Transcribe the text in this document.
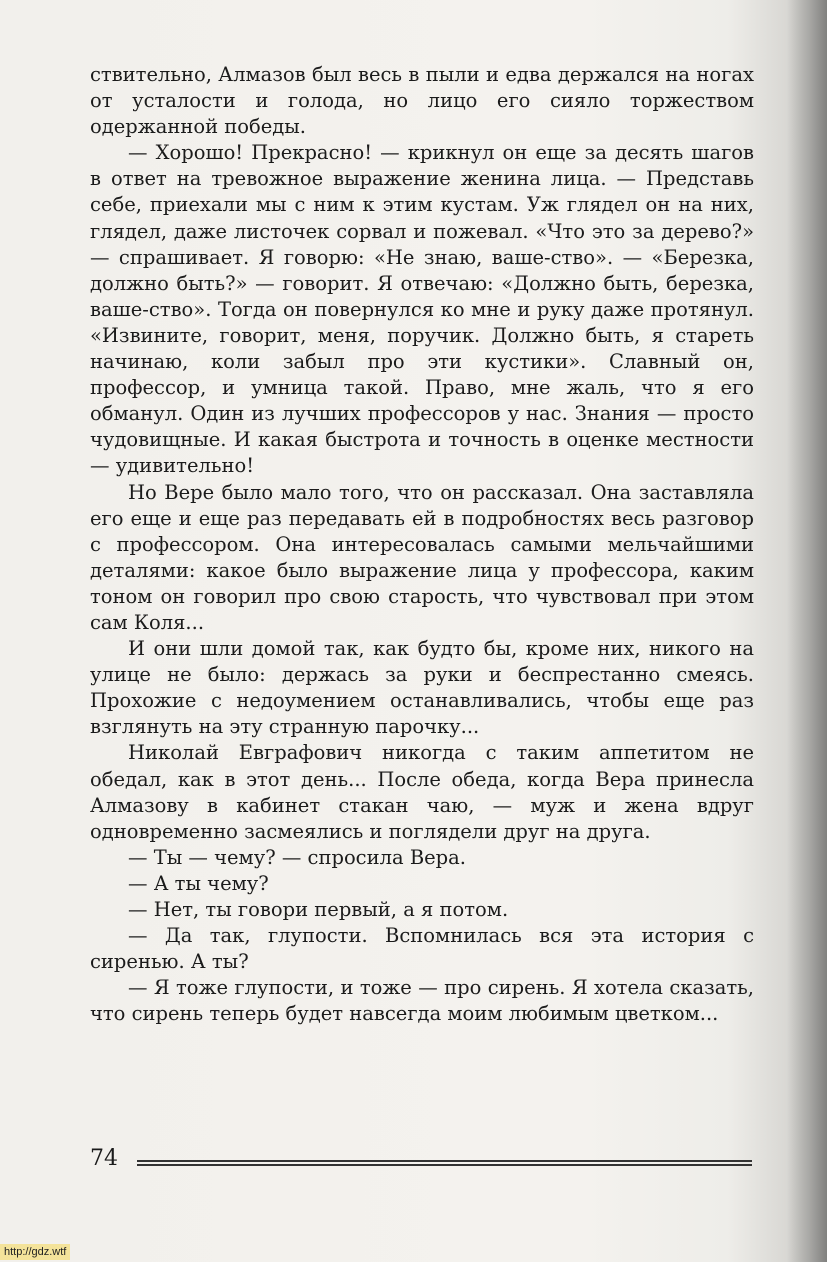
ствительно, Алмазов был весь в пыли и едва держался на ногах от усталости и голода, но лицо его сияло торжеством одержанной победы.

— Хорошо! Прекрасно! — крикнул он еще за десять шагов в ответ на тревожное выражение женина лица. — Представь себе, приехали мы с ним к этим кустам. Уж глядел он на них, глядел, даже листочек сорвал и пожевал. «Что это за дерево?» — спрашивает. Я говорю: «Не знаю, ваше-ство». — «Березка, должно быть?» — говорит. Я отвечаю: «Должно быть, березка, ваше-ство». Тогда он повернулся ко мне и руку даже протянул. «Извините, говорит, меня, поручик. Должно быть, я стареть начинаю, коли забыл про эти кустики». Славный он, профессор, и умница такой. Право, мне жаль, что я его обманул. Один из лучших профессоров у нас. Знания — просто чудовищные. И какая быстрота и точность в оценке местности — удивительно!

Но Вере было мало того, что он рассказал. Она заставляла его еще и еще раз передавать ей в подробностях весь разговор с профессором. Она интересовалась самыми мельчайшими деталями: какое было выражение лица у профессора, каким тоном он говорил про свою старость, что чувствовал при этом сам Коля...

И они шли домой так, как будто бы, кроме них, никого на улице не было: держась за руки и беспрестанно смеясь. Прохожие с недоумением останавливались, чтобы еще раз взглянуть на эту странную парочку...

Николай Евграфович никогда с таким аппетитом не обедал, как в этот день... После обеда, когда Вера принесла Алмазову в кабинет стакан чаю, — муж и жена вдруг одновременно засмеялись и поглядели друг на друга.

— Ты — чему? — спросила Вера.

— А ты чему?

— Нет, ты говори первый, а я потом.

— Да так, глупости. Вспомнилась вся эта история с сиренью. А ты?

— Я тоже глупости, и тоже — про сирень. Я хотела сказать, что сирень теперь будет навсегда моим любимым цветком...

74
http://gdz.wtf
